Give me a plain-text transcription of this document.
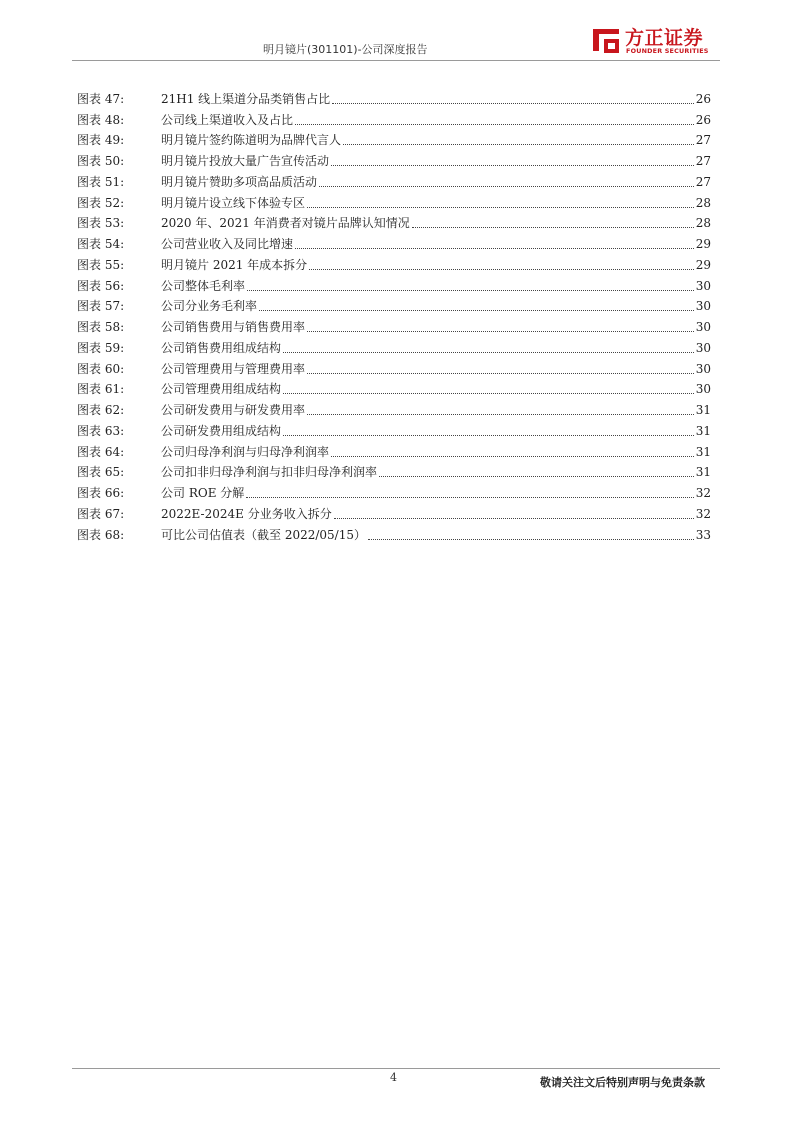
明月镜片(301101)-公司深度报告
方正证券
FOUNDER SECURITIES
图表 47:	21H1 线上渠道分品类销售占比	26
图表 48:	公司线上渠道收入及占比	26
图表 49:	明月镜片签约陈道明为品牌代言人	27
图表 50:	明月镜片投放大量广告宣传活动	27
图表 51:	明月镜片赞助多项高品质活动	27
图表 52:	明月镜片设立线下体验专区	28
图表 53:	2020 年、2021 年消费者对镜片品牌认知情况	28
图表 54:	公司营业收入及同比增速	29
图表 55:	明月镜片 2021 年成本拆分	29
图表 56:	公司整体毛利率	30
图表 57:	公司分业务毛利率	30
图表 58:	公司销售费用与销售费用率	30
图表 59:	公司销售费用组成结构	30
图表 60:	公司管理费用与管理费用率	30
图表 61:	公司管理费用组成结构	30
图表 62:	公司研发费用与研发费用率	31
图表 63:	公司研发费用组成结构	31
图表 64:	公司归母净利润与归母净利润率	31
图表 65:	公司扣非归母净利润与扣非归母净利润率	31
图表 66:	公司 ROE 分解	32
图表 67:	2022E-2024E 分业务收入拆分	32
图表 68:	可比公司估值表（截至 2022/05/15）	33
4	敬请关注文后特别声明与免责条款
